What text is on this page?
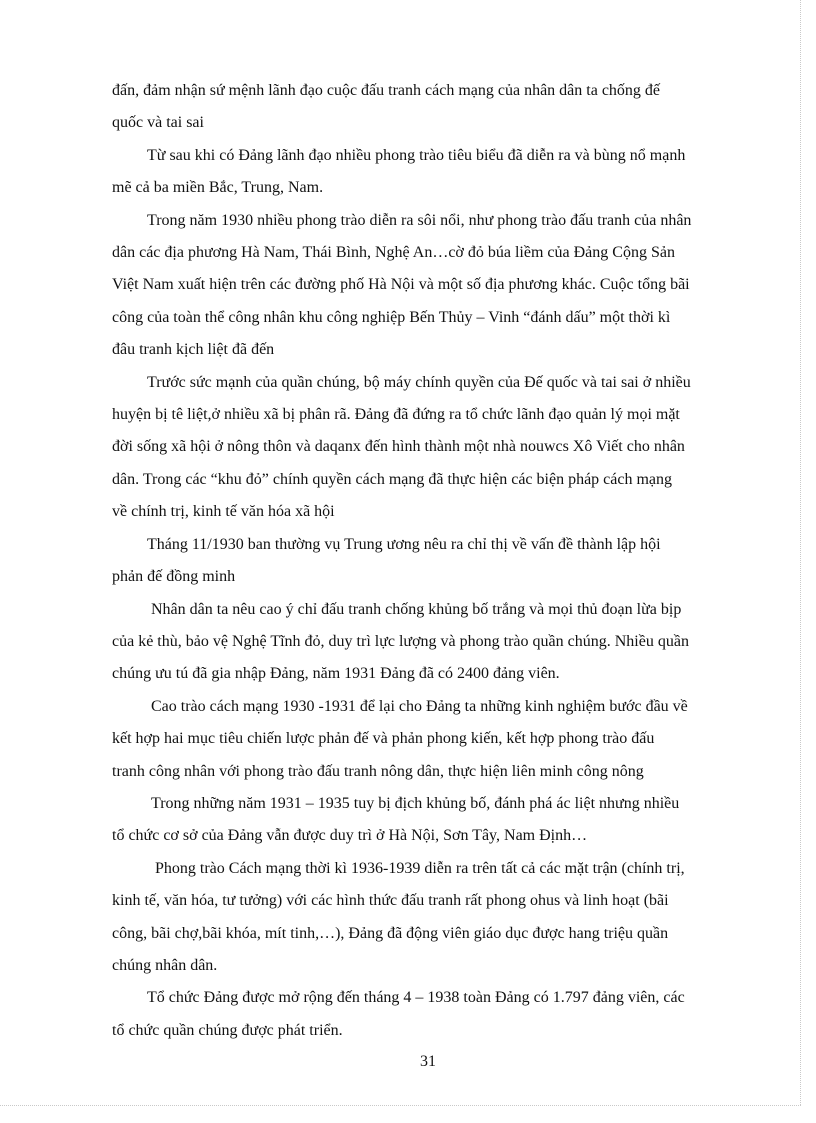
đấn, đảm nhận sứ mệnh lãnh đạo cuộc đấu tranh cách mạng của nhân dân ta chống đế
quốc và tai sai

Từ sau khi có Đảng lãnh đạo nhiều phong trào tiêu biểu đã diễn ra và bùng nổ mạnh
mẽ cả ba miền Bắc, Trung, Nam.

Trong năm 1930 nhiều phong trào diễn ra sôi nổi, như phong trào đấu tranh của nhân
dân các địa phương Hà Nam, Thái Bình, Nghệ An…cờ đỏ búa liềm của Đảng Cộng Sản
Việt Nam xuất hiện trên các đường phố Hà Nội và một số địa phương khác. Cuộc tổng bãi
công của toàn thể công nhân khu công nghiệp Bến Thủy – Vinh “đánh dấu” một thời kì
đâu tranh kịch liệt đã đến

Trước sức mạnh của quần chúng, bộ máy chính quyền của Đế quốc và tai sai ở nhiều
huyện bị tê liệt,ở nhiều xã bị phân rã. Đảng đã đứng ra tổ chức lãnh đạo quản lý mọi mặt
đời sống xã hội ở nông thôn và daqanx đến hình thành một nhà nouwcs Xô Viết cho nhân
dân. Trong các “khu đỏ” chính quyền cách mạng đã thực hiện các biện pháp cách mạng
về chính trị, kinh tế văn hóa xã hội

Tháng 11/1930 ban thường vụ Trung ương nêu ra chỉ thị về vấn đề thành lập hội
phản đế đồng minh

Nhân dân ta nêu cao ý chỉ đấu tranh chống khủng bố trắng và mọi thủ đoạn lừa bịp
của kẻ thù, bảo vệ Nghệ Tĩnh đỏ, duy trì lực lượng và phong trào quần chúng. Nhiều quần
chúng ưu tú đã gia nhập Đảng, năm 1931 Đảng đã có 2400 đảng viên.

Cao trào cách mạng 1930 -1931 để lại cho Đảng ta những kinh nghiệm bước đầu về
kết hợp hai mục tiêu chiến lược phản đế và phản phong kiến, kết hợp phong trào đấu
tranh công nhân với phong trào đấu tranh nông dân, thực hiện liên minh công nông

Trong những năm 1931 – 1935 tuy bị địch khủng bố, đánh phá ác liệt nhưng nhiều
tổ chức cơ sở của Đảng vẫn được duy trì ở Hà Nội, Sơn Tây, Nam Định…

Phong trào Cách mạng thời kì 1936-1939 diễn ra trên tất cả các mặt trận (chính trị,
kinh tế, văn hóa, tư tưởng) với các hình thức đấu tranh rất phong ohus và linh hoạt (bãi
công, bãi chợ,bãi khóa, mít tinh,…), Đảng đã động viên giáo dục được hang triệu quần
chúng nhân dân.

Tổ chức Đảng được mở rộng đến tháng 4 – 1938 toàn Đảng có 1.797 đảng viên, các
tổ chức quần chúng được phát triển.

31
